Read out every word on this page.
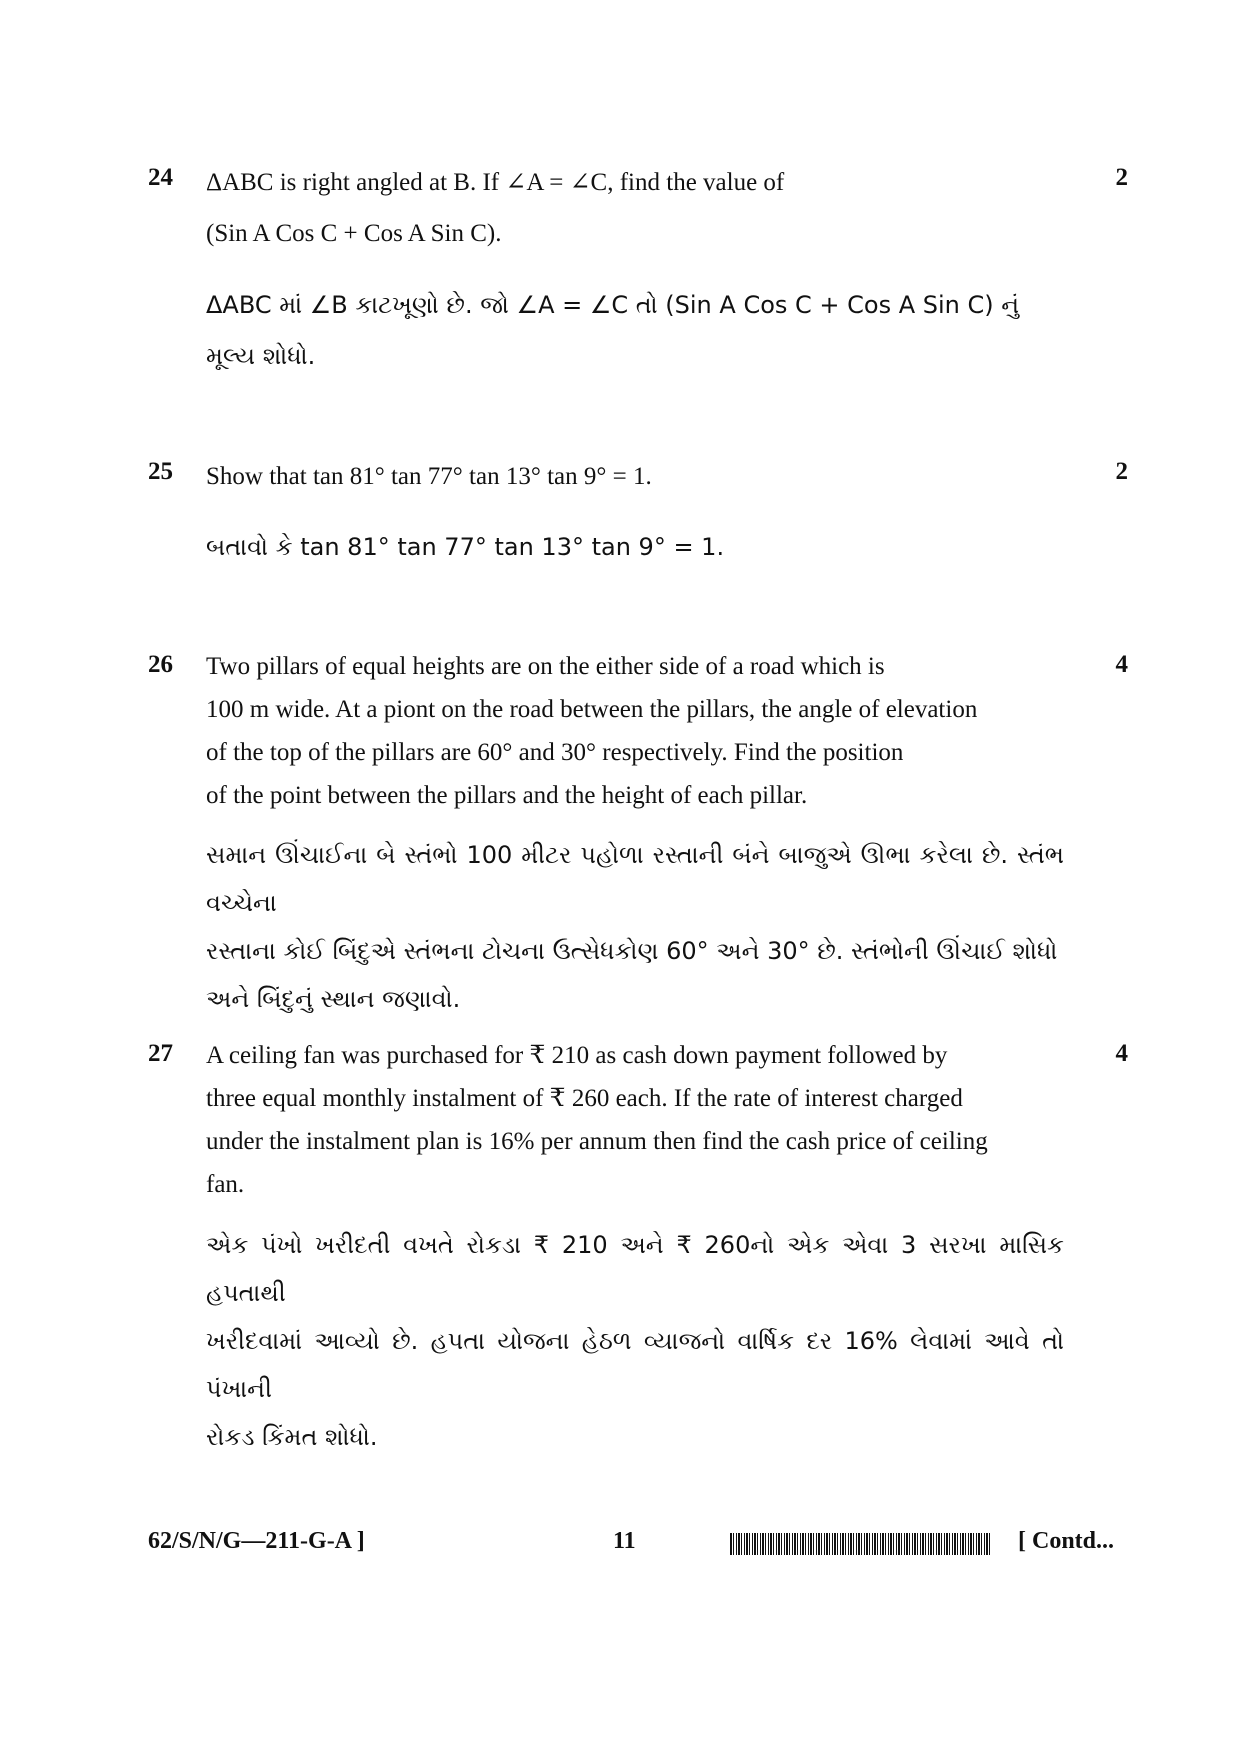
24	2
ΔABC is right angled at B. If ∠A = ∠C, find the value of
(Sin A Cos C + Cos A Sin C).
ΔABC માં ∠B કાટખૂણો છે. જો ∠A = ∠C તો (Sin A Cos C + Cos A Sin C) નું
મૂલ્ય શોધો.
25	2
Show that tan 81° tan 77° tan 13° tan 9° = 1.
બતાવો કે tan 81° tan 77° tan 13° tan 9° = 1.
26	4
Two pillars of equal heights are on the either side of a road which is
100 m wide. At a piont on the road between the pillars, the angle of elevation
of the top of the pillars are 60° and 30° respectively. Find the position
of the point between the pillars and the height of each pillar.
સમાન ઊંચાઈના બે સ્તંભો 100 મીટર પહોળા રસ્તાની બંને બાજુએ ઊભા કરેલા છે. સ્તંભ વચ્ચેના
રસ્તાના કોઈ બિંદુએ સ્તંભના ટોચના ઉત્સેધકોણ 60° અને 30° છે. સ્તંભોની ઊંચાઈ શોધો
અને બિંદુનું સ્થાન જણાવો.
27	4
A ceiling fan was purchased for ₹ 210 as cash down payment followed by
three equal monthly instalment of ₹ 260 each. If the rate of interest charged
under the instalment plan is 16% per annum then find the cash price of ceiling
fan.
એક પંખો ખરીદતી વખતે રોકડા ₹ 210 અને ₹ 260નો એક એવા 3 સરખા માસિક હપતાથી
ખરીદવામાં આવ્યો છે. હપતા યોજના હેઠળ વ્યાજનો વાર્ષિક દર 16% લેવામાં આવે તો પંખાની
રોકડ કિંમત શોધો.
62/S/N/G—211-G-A ]	11	[ Contd...
